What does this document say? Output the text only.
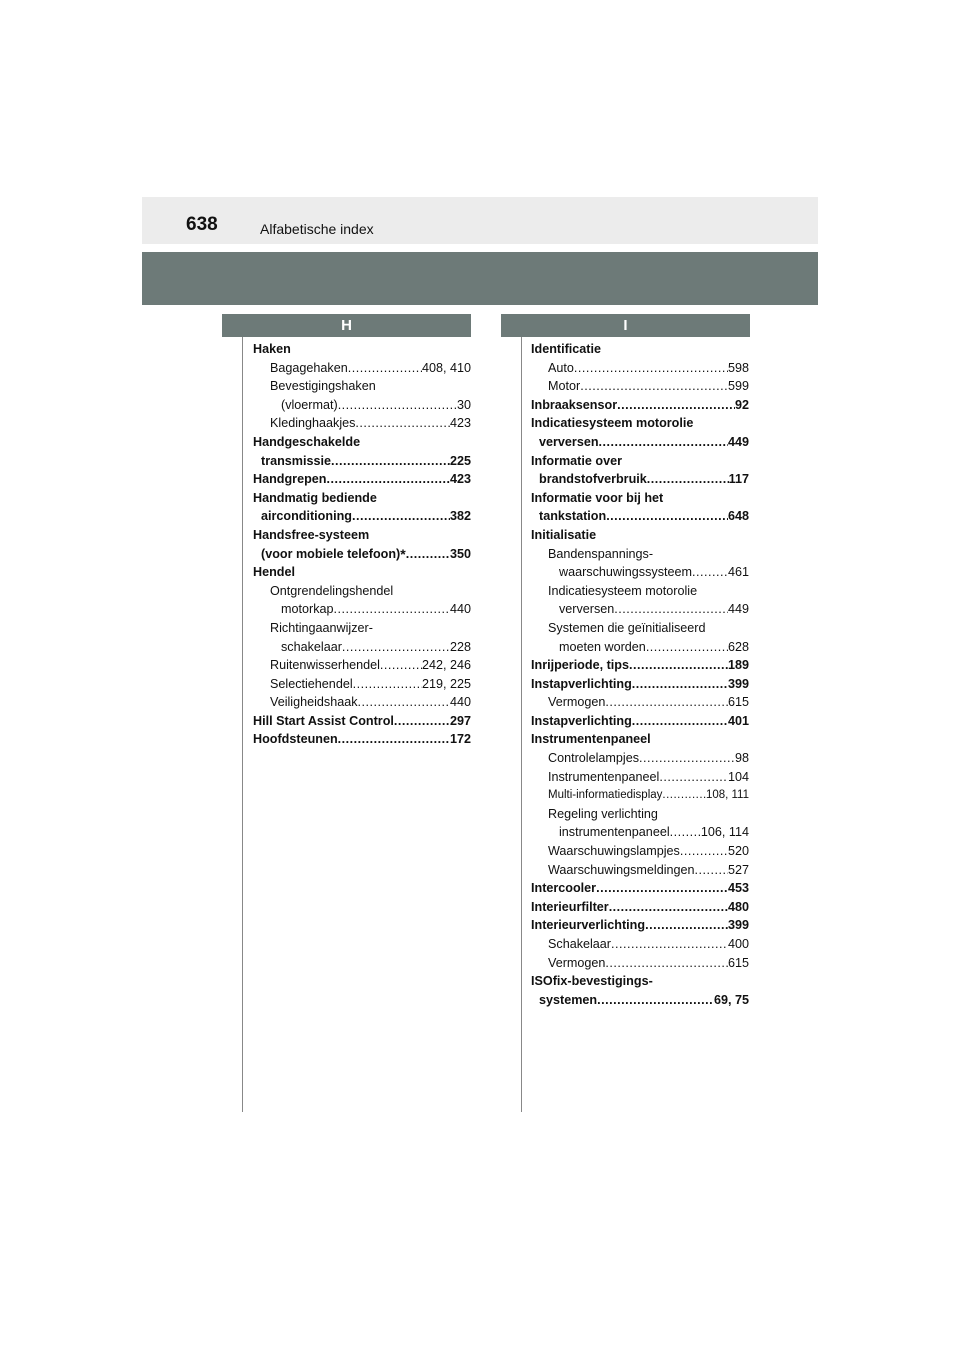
638	Alfabetische index
H	I
Haken
Bagagehaken .....	408, 410
Bevestigingshaken
(vloermat) .....	30
Kledinghaakjes .....	423
Handgeschakelde
transmissie .....	225
Handgrepen .....	423
Handmatig bediende
airconditioning .....	382
Handsfree-systeem
(voor mobiele telefoon) * .....	350
Hendel
Ontgrendelingshendel
motorkap .....	440
Richtingaanwijzer-
schakelaar .....	228
Ruitenwisserhendel .....	242, 246
Selectiehendel .....	219, 225
Veiligheidshaak .....	440
Hill Start Assist Control .....	297
Hoofdsteunen .....	172
Identificatie
Auto .....	598
Motor .....	599
Inbraaksensor .....	92
Indicatiesysteem motorolie
verversen .....	449
Informatie over
brandstofverbruik .....	117
Informatie voor bij het
tankstation .....	648
Initialisatie
Bandenspannings-
waarschuwingssysteem .....	461
Indicatiesysteem motorolie
verversen .....	449
Systemen die geïnitialiseerd
moeten worden .....	628
Inrijperiode, tips .....	189
Instapverlichting .....	399
Vermogen .....	615
Instapverlichting .....	401
Instrumentenpaneel
Controlelampjes .....	98
Instrumentenpaneel .....	104
Multi-informatiedisplay .....	108, 111
Regeling verlichting
instrumentenpaneel ..... 106, 114
Waarschuwingslampjes .....	520
Waarschuwingsmeldingen .....	527
Intercooler .....	453
Interieurfilter .....	480
Interieurverlichting .....	399
Schakelaar .....	400
Vermogen .....	615
ISOfix-bevestigings-
systemen .....	69, 75
